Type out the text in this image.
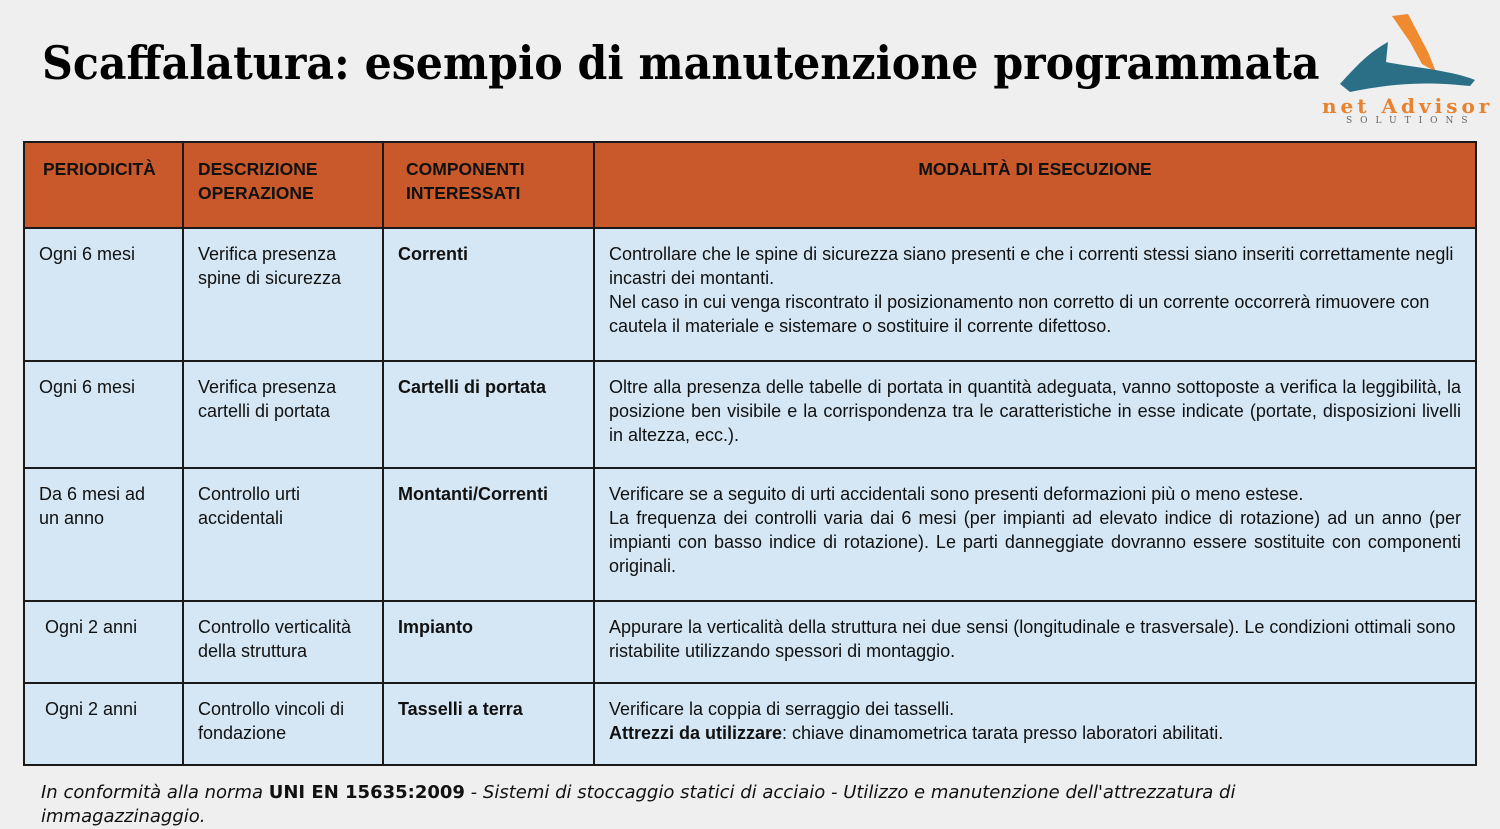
Scaffalatura: esempio di manutenzione programmata
net Advisor
SOLUTIONS
PERIODICITÀ	DESCRIZIONE OPERAZIONE	COMPONENTI INTERESSATI	MODALITÀ DI ESECUZIONE
Ogni 6 mesi	Verifica presenza spine di sicurezza	Correnti	Controllare che le spine di sicurezza siano presenti e che i correnti stessi siano inseriti correttamente negli incastri dei montanti.
Nel caso in cui venga riscontrato il posizionamento non corretto di un corrente occorrerà rimuovere con cautela il materiale e sistemare o sostituire il corrente difettoso.

Ogni 6 mesi	Verifica presenza cartelli di portata	Cartelli di portata	Oltre alla presenza delle tabelle di portata in quantità adeguata, vanno sottoposte a verifica la leggibilità, la posizione ben visibile e la corrispondenza tra le caratteristiche in esse indicate (portate, disposizioni livelli in altezza, ecc.).

Da 6 mesi ad un anno	Controllo urti accidentali	Montanti/Correnti	Verificare se a seguito di urti accidentali sono presenti deformazioni più o meno estese.
La frequenza dei controlli varia dai 6 mesi (per impianti ad elevato indice di rotazione) ad un anno (per impianti con basso indice di rotazione). Le parti danneggiate dovranno essere sostituite con componenti originali.

Ogni 2 anni	Controllo verticalità della struttura	Impianto	Appurare la verticalità della struttura nei due sensi (longitudinale e trasversale). Le condizioni ottimali sono ristabilite utilizzando spessori di montaggio.

Ogni 2 anni	Controllo vincoli di fondazione	Tasselli a terra	Verificare la coppia di serraggio dei tasselli.
Attrezzi da utilizzare: chiave dinamometrica tarata presso laboratori abilitati.
In conformità alla norma UNI EN 15635:2009 - Sistemi di stoccaggio statici di acciaio - Utilizzo e manutenzione dell'attrezzatura di immagazzinaggio.
